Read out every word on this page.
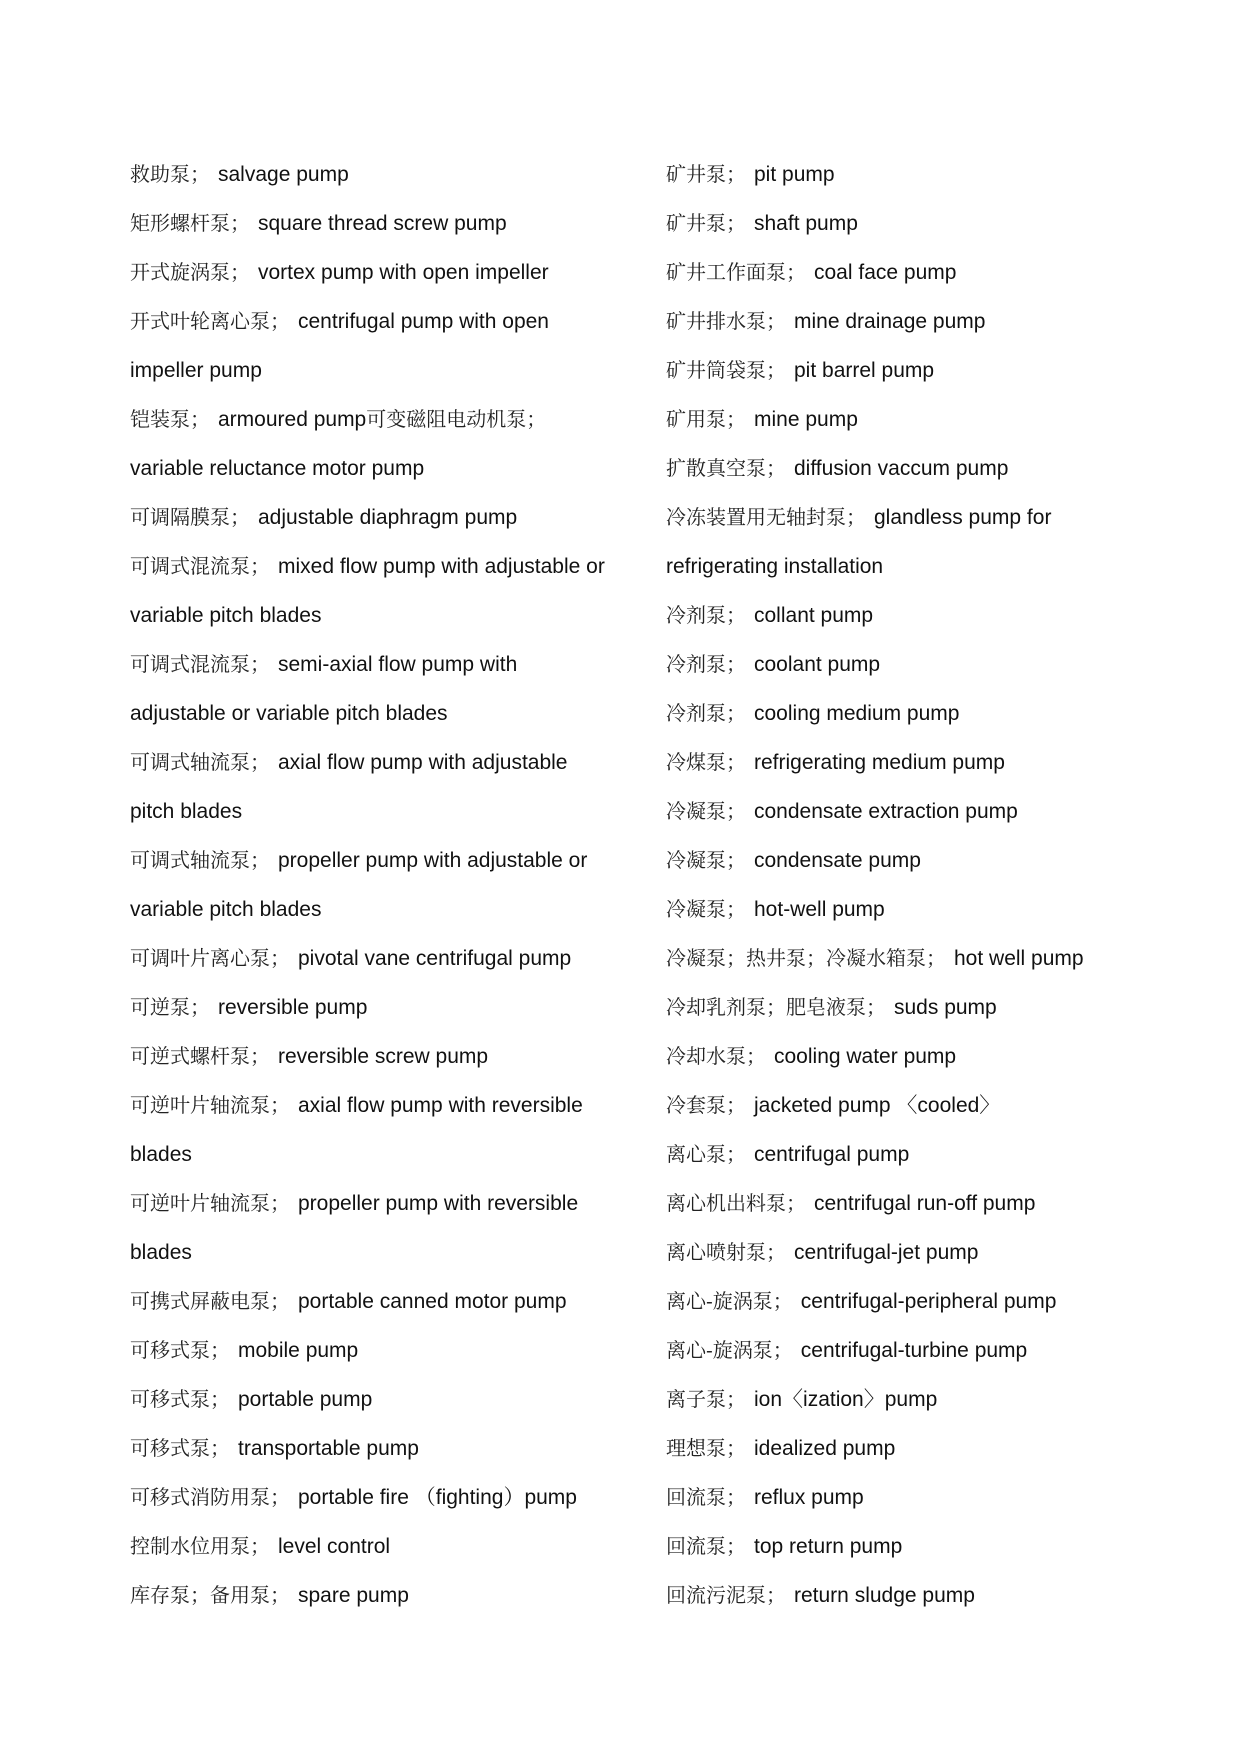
救助泵； salvage pump
矩形螺杆泵； square thread screw pump
开式旋涡泵； vortex pump with open impeller
开式叶轮离心泵； centrifugal pump with open
impeller pump
铠装泵； armoured pump可变磁阻电动机泵；
variable reluctance motor pump
可调隔膜泵； adjustable diaphragm pump
可调式混流泵； mixed flow pump with adjustable or
variable pitch blades
可调式混流泵； semi-axial flow pump with
adjustable or variable pitch blades
可调式轴流泵； axial flow pump with adjustable
pitch blades
可调式轴流泵； propeller pump with adjustable or
variable pitch blades
可调叶片离心泵； pivotal vane centrifugal pump
可逆泵； reversible pump
可逆式螺杆泵； reversible screw pump
可逆叶片轴流泵； axial flow pump with reversible
blades
可逆叶片轴流泵； propeller pump with reversible
blades
可携式屏蔽电泵； portable canned motor pump
可移式泵； mobile pump
可移式泵； portable pump
可移式泵； transportable pump
可移式消防用泵； portable fire （fighting）pump
控制水位用泵； level control
库存泵；备用泵； spare pump
矿井泵； pit pump
矿井泵； shaft pump
矿井工作面泵； coal face pump
矿井排水泵； mine drainage pump
矿井筒袋泵； pit barrel pump
矿用泵； mine pump
扩散真空泵； diffusion vaccum pump
冷冻装置用无轴封泵； glandless pump for
refrigerating installation
冷剂泵； collant pump
冷剂泵； coolant pump
冷剂泵； cooling medium pump
冷煤泵； refrigerating medium pump
冷凝泵； condensate extraction pump
冷凝泵； condensate pump
冷凝泵； hot-well pump
冷凝泵；热井泵；冷凝水箱泵； hot well pump
冷却乳剂泵；肥皂液泵； suds pump
冷却水泵； cooling water pump
冷套泵； jacketed pump 〈cooled〉
离心泵； centrifugal pump
离心机出料泵； centrifugal run-off pump
离心喷射泵； centrifugal-jet pump
离心-旋涡泵； centrifugal-peripheral pump
离心-旋涡泵； centrifugal-turbine pump
离子泵； ion〈ization〉pump
理想泵； idealized pump
回流泵； reflux pump
回流泵； top return pump
回流污泥泵； return sludge pump
